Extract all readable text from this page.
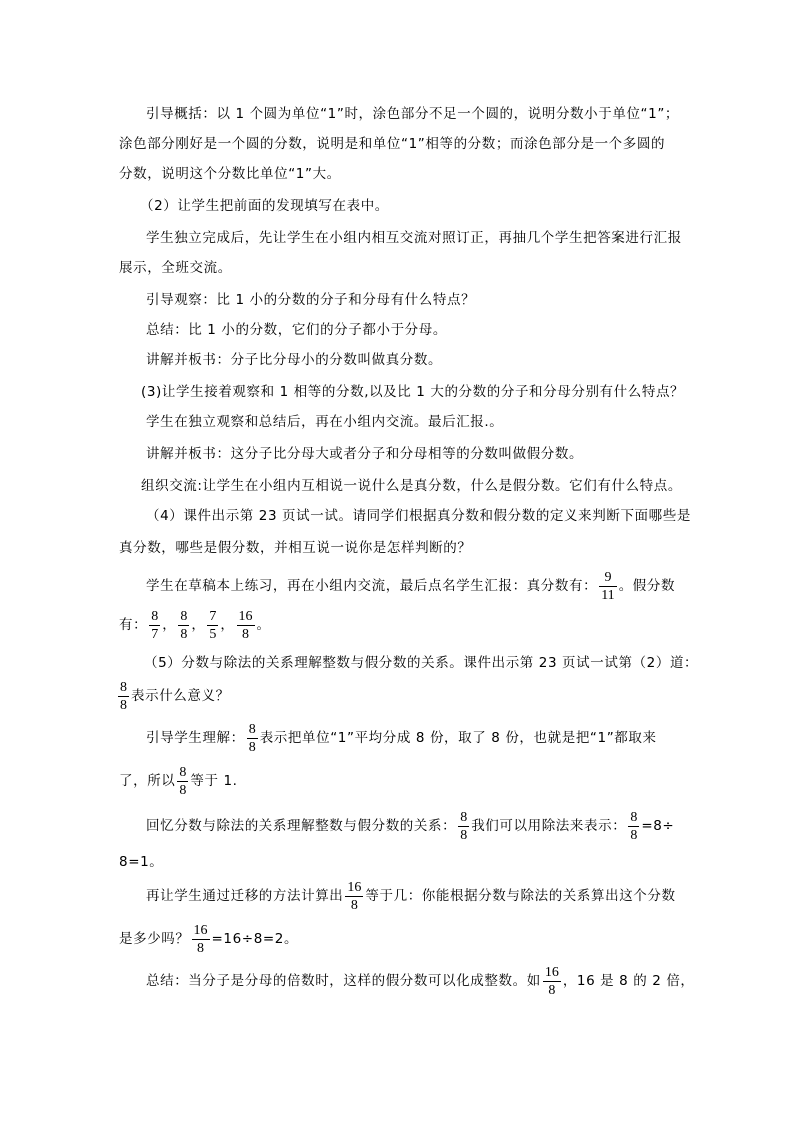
引导概括：以 1 个圆为单位“1”时，涂色部分不足一个圆的，说明分数小于单位“1”；
涂色部分刚好是一个圆的分数，说明是和单位“1”相等的分数；而涂色部分是一个多圆的
分数，说明这个分数比单位“1”大。
（2）让学生把前面的发现填写在表中。
学生独立完成后，先让学生在小组内相互交流对照订正，再抽几个学生把答案进行汇报
展示，全班交流。
引导观察：比 1 小的分数的分子和分母有什么特点？
总结：比 1 小的分数，它们的分子都小于分母。
讲解并板书：分子比分母小的分数叫做真分数。
(3)让学生接着观察和 1 相等的分数,以及比 1 大的分数的分子和分母分别有什么特点？
学生在独立观察和总结后，再在小组内交流。最后汇报.。
讲解并板书：这分子比分母大或者分子和分母相等的分数叫做假分数。
组织交流:让学生在小组内互相说一说什么是真分数，什么是假分数。它们有什么特点。
（4）课件出示第 23 页试一试。请同学们根据真分数和假分数的定义来判断下面哪些是
真分数，哪些是假分数，并相互说一说你是怎样判断的？
学生在草稿本上练习，再在小组内交流，最后点名学生汇报：真分数有： $\frac{9}{11}$ 。假分数
有： $\frac{8}{7}$ ， $\frac{8}{8}$ ， $\frac{7}{5}$ ， $\frac{16}{8}$ 。
（5）分数与除法的关系理解整数与假分数的关系。课件出示第 23 页试一试第（2）道：
$\frac{8}{8}$ 表示什么意义？
引导学生理解： $\frac{8}{8}$ 表示把单位“1”平均分成 8 份，取了 8 份，也就是把“1”都取来
了，所以 $\frac{8}{8}$ 等于 1.
回忆分数与除法的关系理解整数与假分数的关系： $\frac{8}{8}$ 我们可以用除法来表示： $\frac{8}{8} =8\div$
8=1。
再让学生通过迁移的方法计算出 $\frac{16}{8}$ 等于几：你能根据分数与除法的关系算出这个分数
是多少吗？ $\frac{16}{8} =16\div 8=2$。
总结：当分子是分母的倍数时，这样的假分数可以化成整数。如 $\frac{16}{8}$ ，16 是 8 的 2 倍，
